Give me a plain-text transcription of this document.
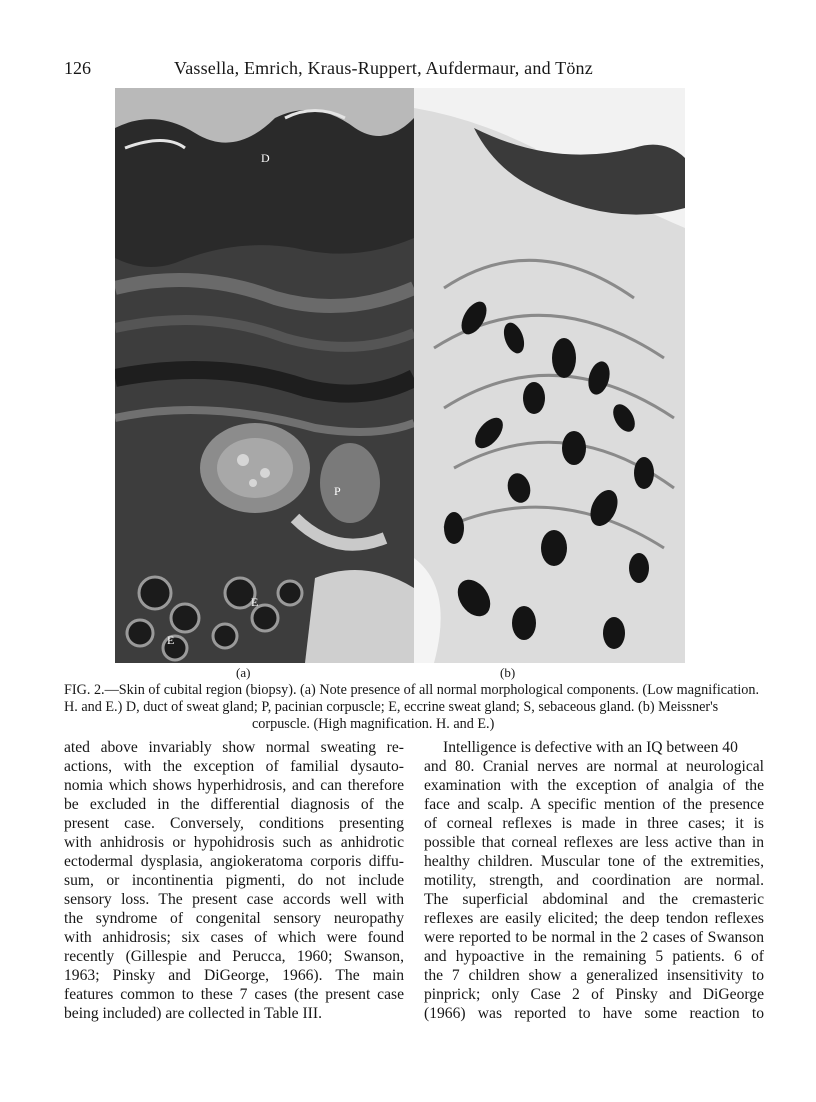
126	Vassella, Emrich, Kraus-Ruppert, Aufdermaur, and Tönz
D
P
E
E
(a)	(b)
FIG. 2.—Skin of cubital region (biopsy). (a) Note presence of all normal morphological components. (Low magnification.
H. and E.) D, duct of sweat gland; P, pacinian corpuscle; E, eccrine sweat gland; S, sebaceous gland. (b) Meissner's
corpuscle. (High magnification. H. and E.)
ated above invariably show normal sweating re-
actions, with the exception of familial dysauto-
nomia which shows hyperhidrosis, and can therefore
be excluded in the differential diagnosis of the
present case. Conversely, conditions presenting
with anhidrosis or hypohidrosis such as anhidrotic
ectodermal dysplasia, angiokeratoma corporis diffu-
sum, or incontinentia pigmenti, do not include
sensory loss. The present case accords well with
the syndrome of congenital sensory neuropathy
with anhidrosis; six cases of which were found
recently (Gillespie and Perucca, 1960; Swanson,
1963; Pinsky and DiGeorge, 1966). The main
features common to these 7 cases (the present case
being included) are collected in Table III.
Intelligence is defective with an IQ between 40
and 80. Cranial nerves are normal at neurological
examination with the exception of analgia of the
face and scalp. A specific mention of the presence
of corneal reflexes is made in three cases; it is
possible that corneal reflexes are less active than in
healthy children. Muscular tone of the extremities,
motility, strength, and coordination are normal.
The superficial abdominal and the cremasteric
reflexes are easily elicited; the deep tendon reflexes
were reported to be normal in the 2 cases of Swanson
and hypoactive in the remaining 5 patients. 6 of
the 7 children show a generalized insensitivity to
pinprick; only Case 2 of Pinsky and DiGeorge
(1966) was reported to have some reaction to
